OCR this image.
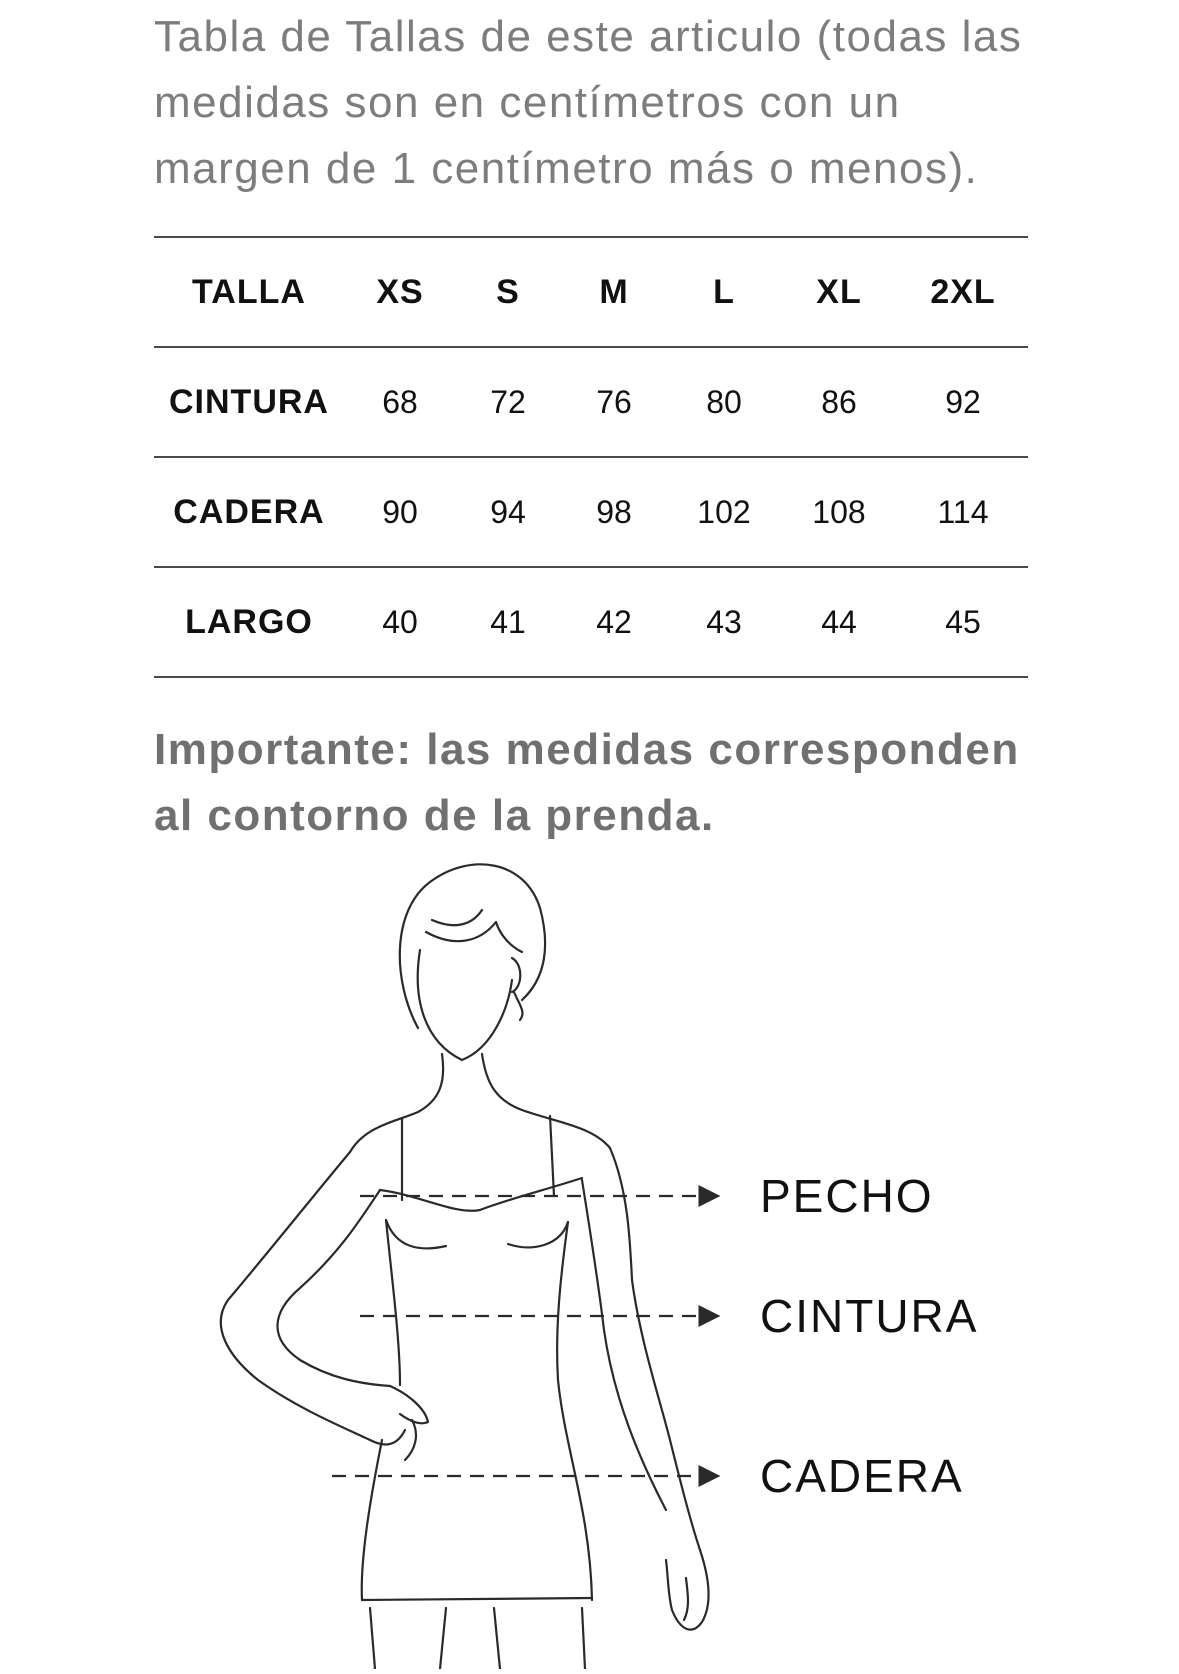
Tabla de Tallas de este articulo (todas las
medidas son en centímetros con un
margen de 1 centímetro más o menos).

TALLA	XS	S	M	L	XL	2XL
CINTURA	68	72	76	80	86	92
CADERA	90	94	98	102	108	114
LARGO	40	41	42	43	44	45

Importante: las medidas corresponden
al contorno de la prenda.

PECHO
CINTURA
CADERA
